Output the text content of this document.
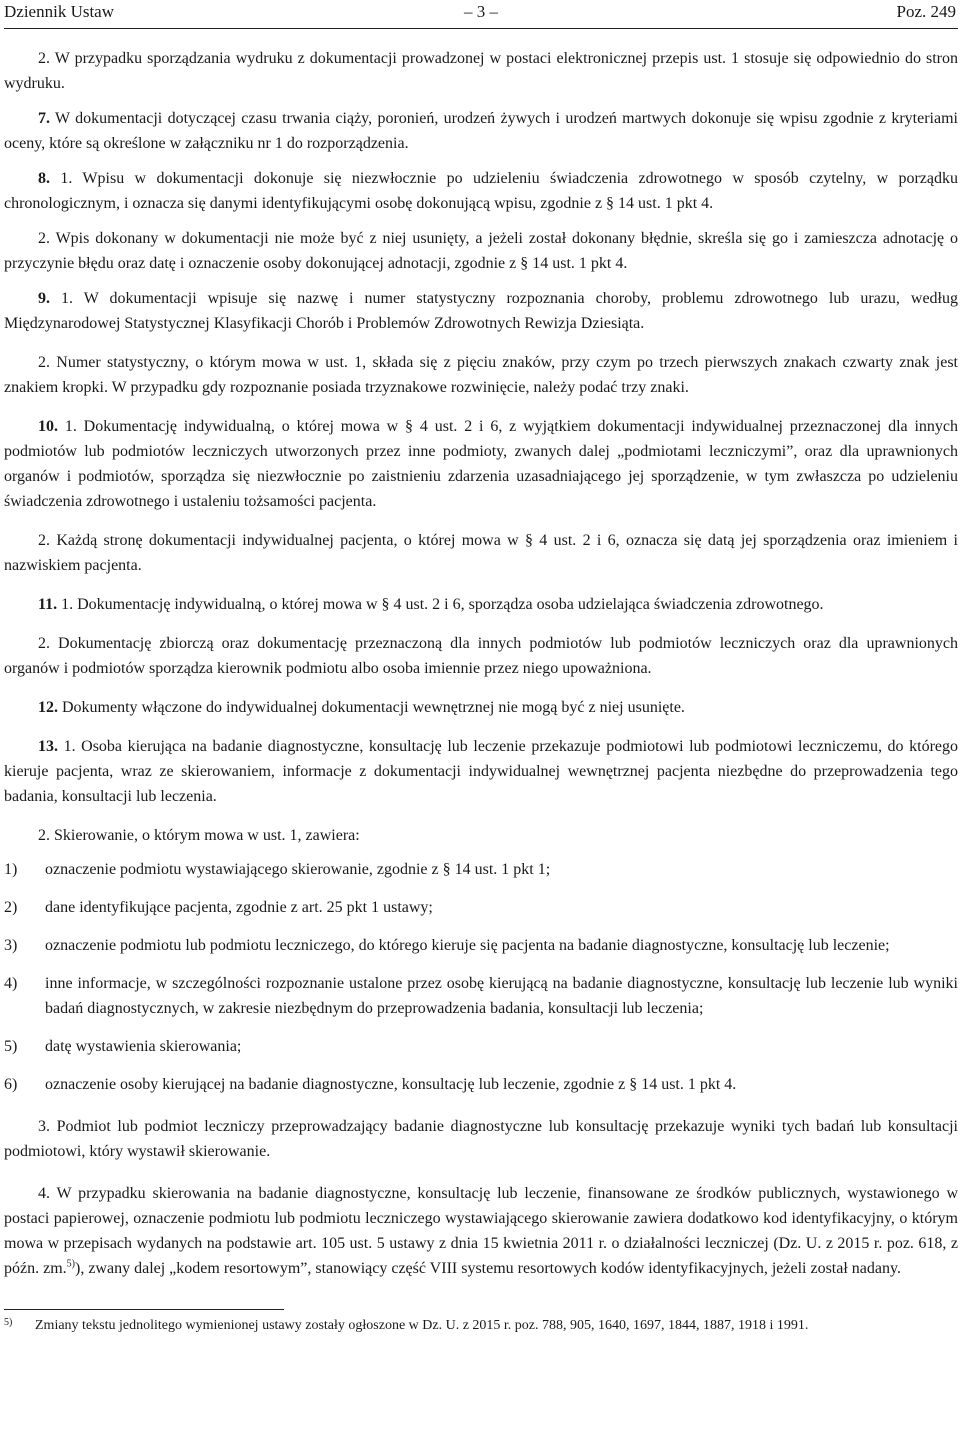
Dziennik Ustaw	– 3 –	Poz. 249

2. W przypadku sporządzania wydruku z dokumentacji prowadzonej w postaci elektronicznej przepis ust. 1 stosuje się odpowiednio do stron wydruku.

7. W dokumentacji dotyczącej czasu trwania ciąży, poronień, urodzeń żywych i urodzeń martwych dokonuje się wpisu zgodnie z kryteriami oceny, które są określone w załączniku nr 1 do rozporządzenia.

8. 1. Wpisu w dokumentacji dokonuje się niezwłocznie po udzieleniu świadczenia zdrowotnego w sposób czytelny, w porządku chronologicznym, i oznacza się danymi identyfikującymi osobę dokonującą wpisu, zgodnie z § 14 ust. 1 pkt 4.

2. Wpis dokonany w dokumentacji nie może być z niej usunięty, a jeżeli został dokonany błędnie, skreśla się go i zamieszcza adnotację o przyczynie błędu oraz datę i oznaczenie osoby dokonującej adnotacji, zgodnie z § 14 ust. 1 pkt 4.

9. 1. W dokumentacji wpisuje się nazwę i numer statystyczny rozpoznania choroby, problemu zdrowotnego lub urazu, według Międzynarodowej Statystycznej Klasyfikacji Chorób i Problemów Zdrowotnych Rewizja Dziesiąta.

2. Numer statystyczny, o którym mowa w ust. 1, składa się z pięciu znaków, przy czym po trzech pierwszych znakach czwarty znak jest znakiem kropki. W przypadku gdy rozpoznanie posiada trzyznakowe rozwinięcie, należy podać trzy znaki.

10. 1. Dokumentację indywidualną, o której mowa w § 4 ust. 2 i 6, z wyjątkiem dokumentacji indywidualnej przeznaczonej dla innych podmiotów lub podmiotów leczniczych utworzonych przez inne podmioty, zwanych dalej „podmiotami leczniczymi”, oraz dla uprawnionych organów i podmiotów, sporządza się niezwłocznie po zaistnieniu zdarzenia uzasadniającego jej sporządzenie, w tym zwłaszcza po udzieleniu świadczenia zdrowotnego i ustaleniu tożsamości pacjenta.

2. Każdą stronę dokumentacji indywidualnej pacjenta, o której mowa w § 4 ust. 2 i 6, oznacza się datą jej sporządzenia oraz imieniem i nazwiskiem pacjenta.

11. 1. Dokumentację indywidualną, o której mowa w § 4 ust. 2 i 6, sporządza osoba udzielająca świadczenia zdrowotnego.

2. Dokumentację zbiorczą oraz dokumentację przeznaczoną dla innych podmiotów lub podmiotów leczniczych oraz dla uprawnionych organów i podmiotów sporządza kierownik podmiotu albo osoba imiennie przez niego upoważniona.

12. Dokumenty włączone do indywidualnej dokumentacji wewnętrznej nie mogą być z niej usunięte.

13. 1. Osoba kierująca na badanie diagnostyczne, konsultację lub leczenie przekazuje podmiotowi lub podmiotowi leczniczemu, do którego kieruje pacjenta, wraz ze skierowaniem, informacje z dokumentacji indywidualnej wewnętrznej pacjenta niezbędne do przeprowadzenia tego badania, konsultacji lub leczenia.

2. Skierowanie, o którym mowa w ust. 1, zawiera:

1) oznaczenie podmiotu wystawiającego skierowanie, zgodnie z § 14 ust. 1 pkt 1;
2) dane identyfikujące pacjenta, zgodnie z art. 25 pkt 1 ustawy;
3) oznaczenie podmiotu lub podmiotu leczniczego, do którego kieruje się pacjenta na badanie diagnostyczne, konsultację lub leczenie;
4) inne informacje, w szczególności rozpoznanie ustalone przez osobę kierującą na badanie diagnostyczne, konsultację lub leczenie lub wyniki badań diagnostycznych, w zakresie niezbędnym do przeprowadzenia badania, konsultacji lub leczenia;
5) datę wystawienia skierowania;
6) oznaczenie osoby kierującej na badanie diagnostyczne, konsultację lub leczenie, zgodnie z § 14 ust. 1 pkt 4.

3. Podmiot lub podmiot leczniczy przeprowadzający badanie diagnostyczne lub konsultację przekazuje wyniki tych badań lub konsultacji podmiotowi, który wystawił skierowanie.

4. W przypadku skierowania na badanie diagnostyczne, konsultację lub leczenie, finansowane ze środków publicznych, wystawionego w postaci papierowej, oznaczenie podmiotu lub podmiotu leczniczego wystawiającego skierowanie zawiera dodatkowo kod identyfikacyjny, o którym mowa w przepisach wydanych na podstawie art. 105 ust. 5 ustawy z dnia 15 kwietnia 2011 r. o działalności leczniczej (Dz. U. z 2015 r. poz. 618, z późn. zm.$^{5)}$), zwany dalej „kodem resortowym”, stanowiący część VIII systemu resortowych kodów identyfikacyjnych, jeżeli został nadany.

5) Zmiany tekstu jednolitego wymienionej ustawy zostały ogłoszone w Dz. U. z 2015 r. poz. 788, 905, 1640, 1697, 1844, 1887, 1918 i 1991.
